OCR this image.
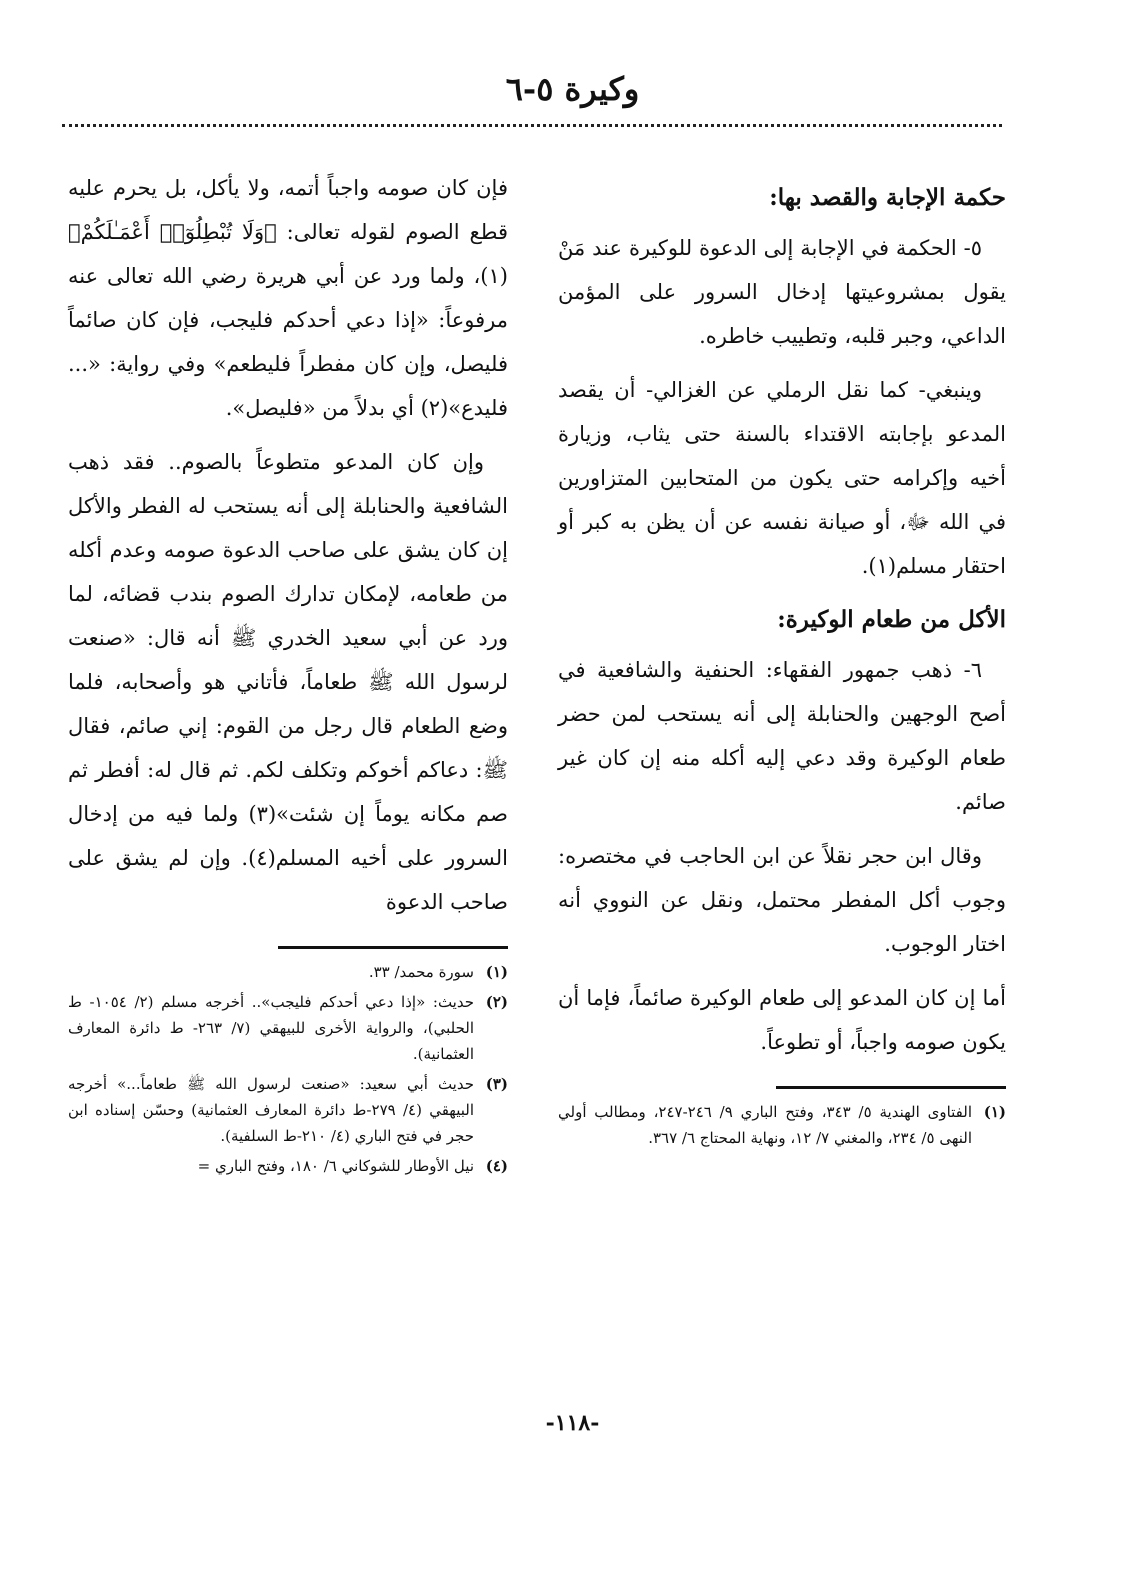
وكيرة ٥-٦
حكمة الإجابة والقصد بها:

٥- الحكمة في الإجابة إلى الدعوة للوكيرة عند مَنْ يقول بمشروعيتها إدخال السرور على المؤمن الداعي، وجبر قلبه، وتطييب خاطره.

وينبغي- كما نقل الرملي عن الغزالي- أن يقصد المدعو بإجابته الاقتداء بالسنة حتى يثاب، وزيارة أخيه وإكرامه حتى يكون من المتحابين المتزاورين في الله ﷻ، أو صيانة نفسه عن أن يظن به كبر أو احتقار مسلم(١).

الأكل من طعام الوكيرة:

٦- ذهب جمهور الفقهاء: الحنفية والشافعية في أصح الوجهين والحنابلة إلى أنه يستحب لمن حضر طعام الوكيرة وقد دعي إليه أكله منه إن كان غير صائم.

وقال ابن حجر نقلاً عن ابن الحاجب في مختصره: وجوب أكل المفطر محتمل، ونقل عن النووي أنه اختار الوجوب.

أما إن كان المدعو إلى طعام الوكيرة صائماً، فإما أن يكون صومه واجباً، أو تطوعاً.

(١)
الفتاوى الهندية ٥/ ٣٤٣، وفتح الباري ٩/ ٢٤٦-٢٤٧، ومطالب أولي النهى ٥/ ٢٣٤، والمغني ٧/ ١٢، ونهاية المحتاج ٦/ ٣٦٧.

فإن كان صومه واجباً أتمه، ولا يأكل، بل يحرم عليه قطع الصوم لقوله تعالى: ﴿وَلَا تُبْطِلُوٓا۟ أَعْمَـٰلَكُمْ﴾(١)، ولما ورد عن أبي هريرة رضي الله تعالى عنه مرفوعاً: «إذا دعي أحدكم فليجب، فإن كان صائماً فليصل، وإن كان مفطراً فليطعم» وفي رواية: «... فليدع»(٢) أي بدلاً من «فليصل».

وإن كان المدعو متطوعاً بالصوم.. فقد ذهب الشافعية والحنابلة إلى أنه يستحب له الفطر والأكل إن كان يشق على صاحب الدعوة صومه وعدم أكله من طعامه، لإمكان تدارك الصوم بندب قضائه، لما ورد عن أبي سعيد الخدري ﷺ أنه قال: «صنعت لرسول الله ﷺ طعاماً، فأتاني هو وأصحابه، فلما وضع الطعام قال رجل من القوم: إني صائم، فقال ﷺ: دعاكم أخوكم وتكلف لكم. ثم قال له: أفطر ثم صم مكانه يوماً إن شئت»(٣) ولما فيه من إدخال السرور على أخيه المسلم(٤). وإن لم يشق على صاحب الدعوة

(١)
سورة محمد/ ٣٣.
(٢)
حديث: «إذا دعي أحدكم فليجب».. أخرجه مسلم (٢/ ١٠٥٤- ط الحلبي)، والرواية الأخرى للبيهقي (٧/ ٢٦٣- ط دائرة المعارف العثمانية).
(٣)
حديث أبي سعيد: «صنعت لرسول الله ﷺ طعاماً...» أخرجه البيهقي (٤/ ٢٧٩-ط دائرة المعارف العثمانية) وحسّن إسناده ابن حجر في فتح الباري (٤/ ٢١٠-ط السلفية).
(٤)
نيل الأوطار للشوكاني ٦/ ١٨٠، وفتح الباري =
-١١٨-
